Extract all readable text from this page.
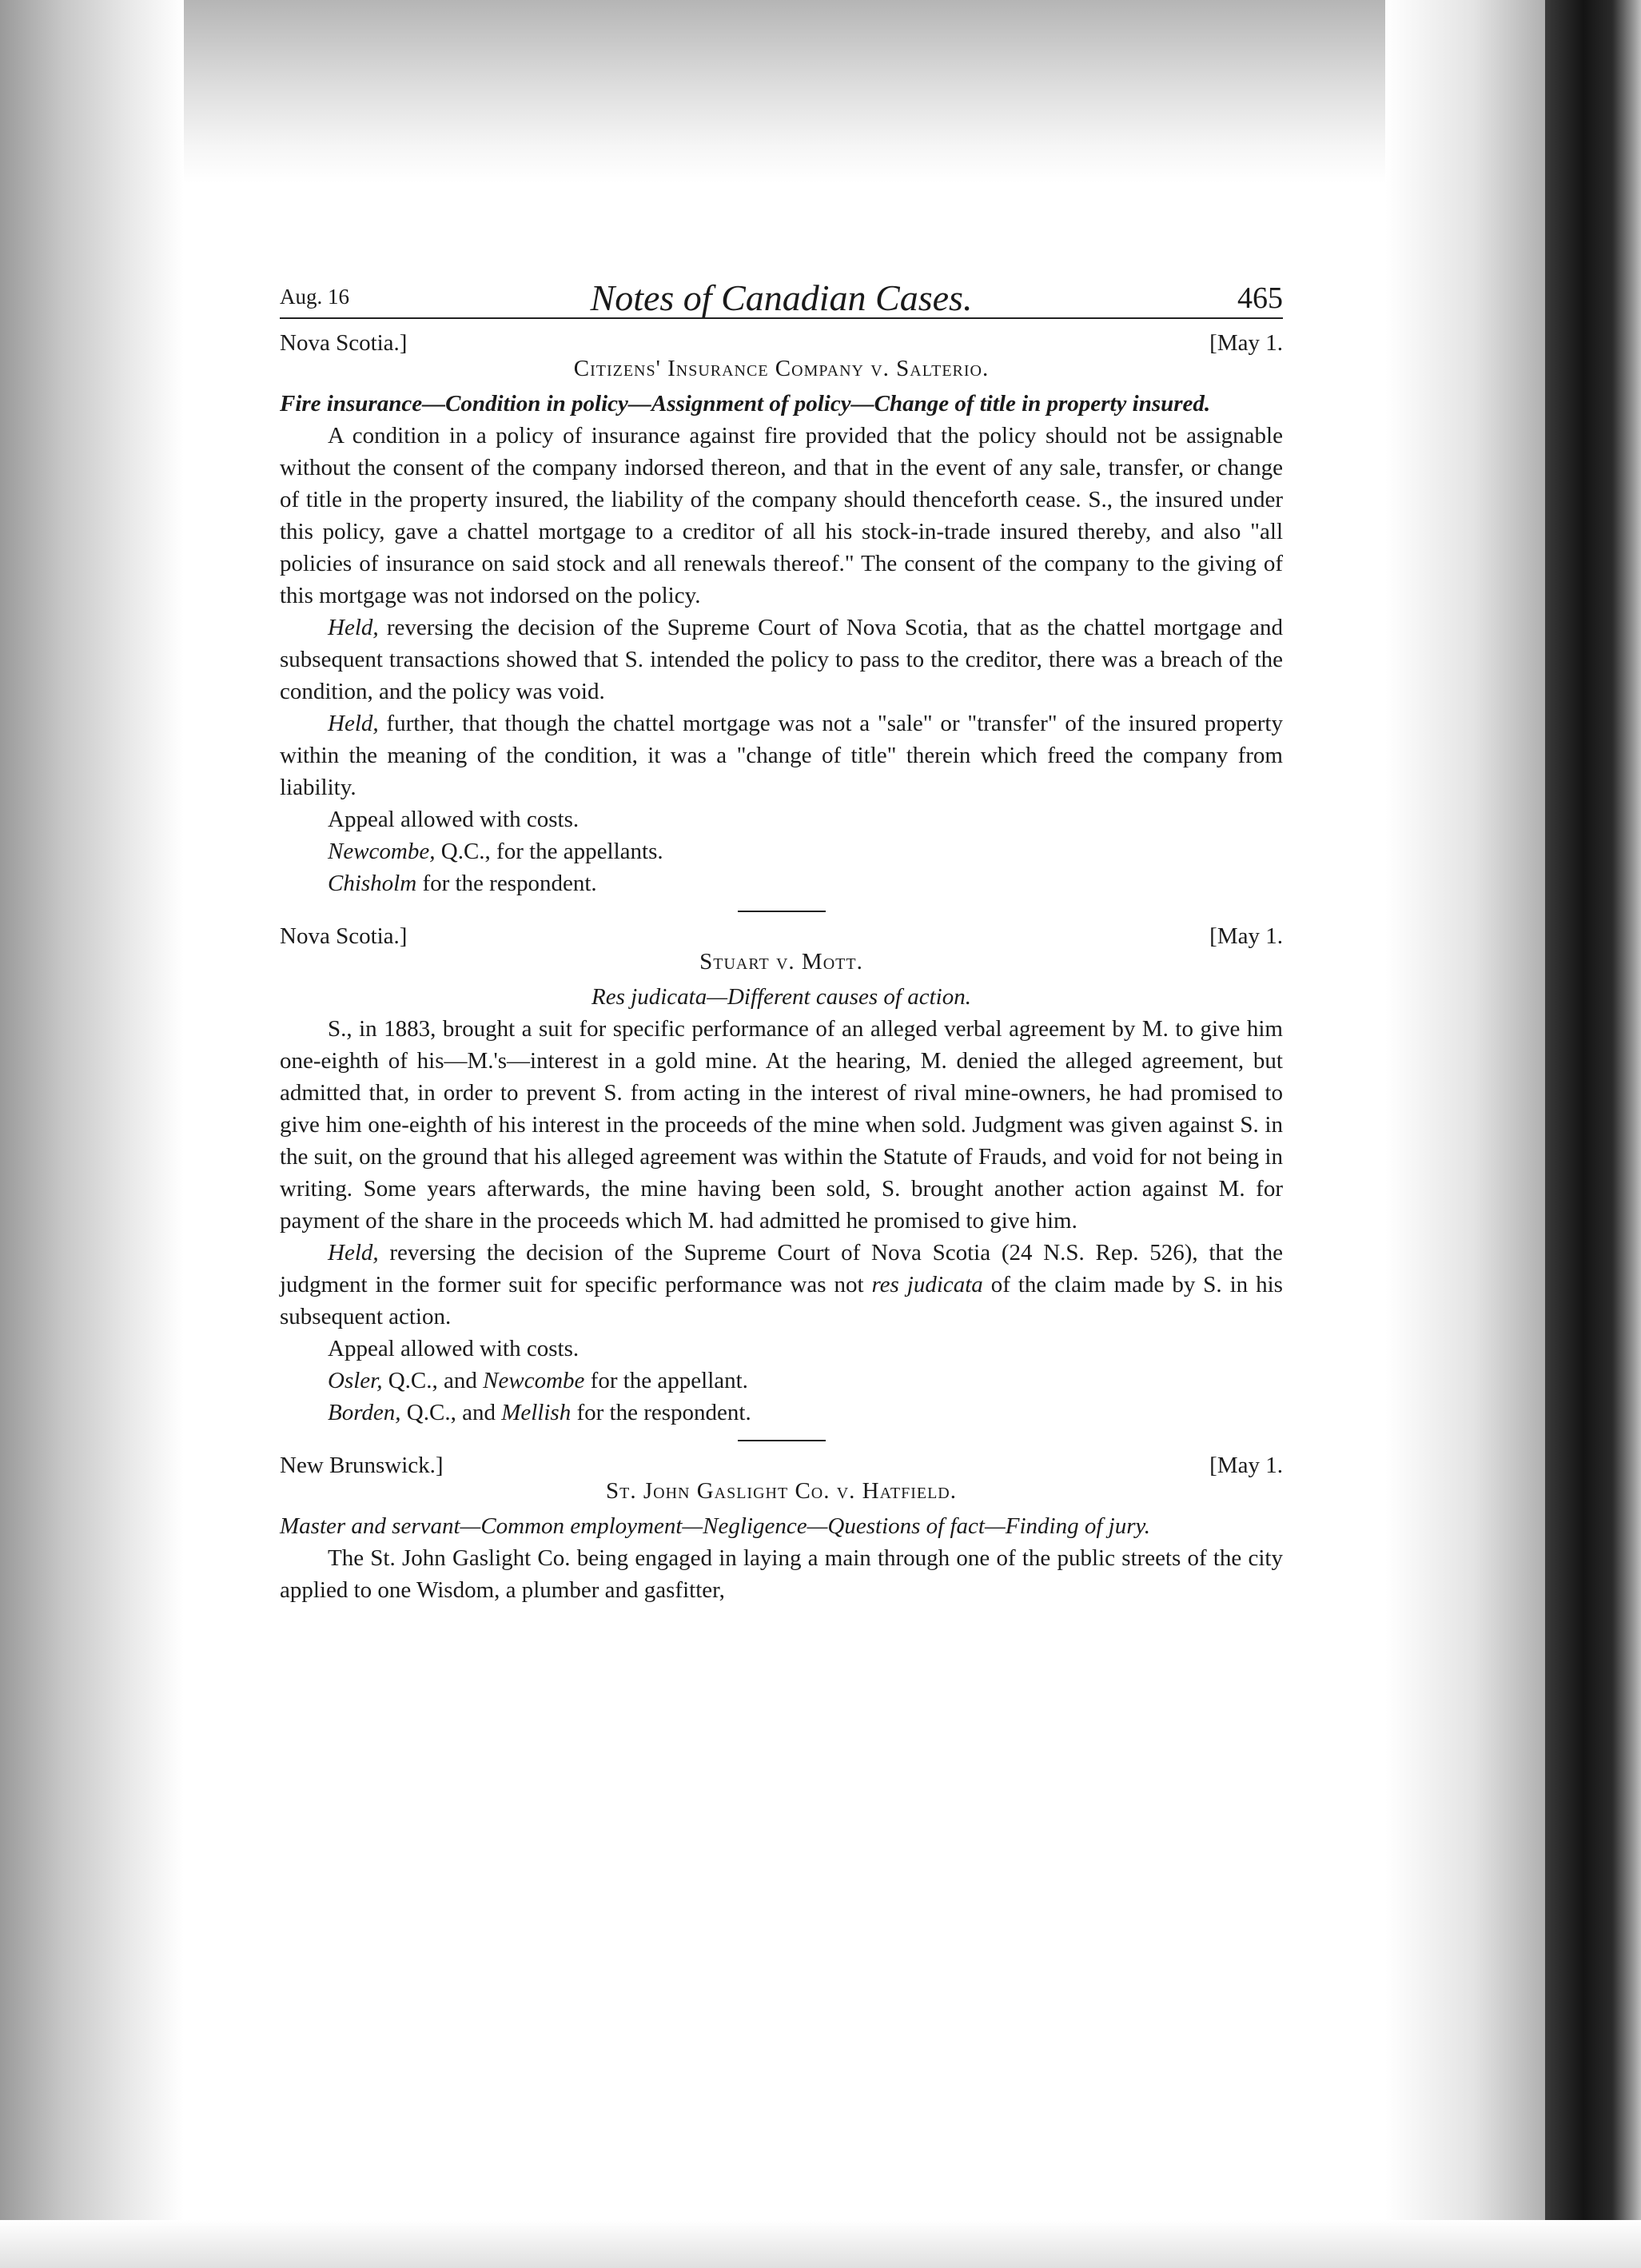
Aug. 16	Notes of Canadian Cases.	465
Nova Scotia.]	[May 1.
Citizens' Insurance Company v. Salterio.
Fire insurance—Condition in policy—Assignment of policy—Change of title in property insured.

A condition in a policy of insurance against fire provided that the policy should not be assignable without the consent of the company indorsed thereon, and that in the event of any sale, transfer, or change of title in the property insured, the liability of the company should thenceforth cease. S., the insured under this policy, gave a chattel mortgage to a creditor of all his stock-in-trade insured thereby, and also "all policies of insurance on said stock and all renewals thereof." The consent of the company to the giving of this mortgage was not indorsed on the policy.

Held, reversing the decision of the Supreme Court of Nova Scotia, that as the chattel mortgage and subsequent transactions showed that S. intended the policy to pass to the creditor, there was a breach of the condition, and the policy was void.

Held, further, that though the chattel mortgage was not a "sale" or "transfer" of the insured property within the meaning of the condition, it was a "change of title" therein which freed the company from liability.

Appeal allowed with costs.
Newcombe, Q.C., for the appellants.
Chisholm for the respondent.
Nova Scotia.]	[May 1.
Stuart v. Mott.
Res judicata—Different causes of action.

S., in 1883, brought a suit for specific performance of an alleged verbal agreement by M. to give him one-eighth of his—M.'s—interest in a gold mine. At the hearing, M. denied the alleged agreement, but admitted that, in order to prevent S. from acting in the interest of rival mine-owners, he had promised to give him one-eighth of his interest in the proceeds of the mine when sold. Judgment was given against S. in the suit, on the ground that his alleged agreement was within the Statute of Frauds, and void for not being in writing. Some years afterwards, the mine having been sold, S. brought another action against M. for payment of the share in the proceeds which M. had admitted he promised to give him.

Held, reversing the decision of the Supreme Court of Nova Scotia (24 N.S. Rep. 526), that the judgment in the former suit for specific performance was not res judicata of the claim made by S. in his subsequent action.

Appeal allowed with costs.
Osler, Q.C., and Newcombe for the appellant.
Borden, Q.C., and Mellish for the respondent.
New Brunswick.]	[May 1.
St. John Gaslight Co. v. Hatfield.
Master and servant—Common employment—Negligence—Questions of fact—Finding of jury.

The St. John Gaslight Co. being engaged in laying a main through one of the public streets of the city applied to one Wisdom, a plumber and gasfitter,
